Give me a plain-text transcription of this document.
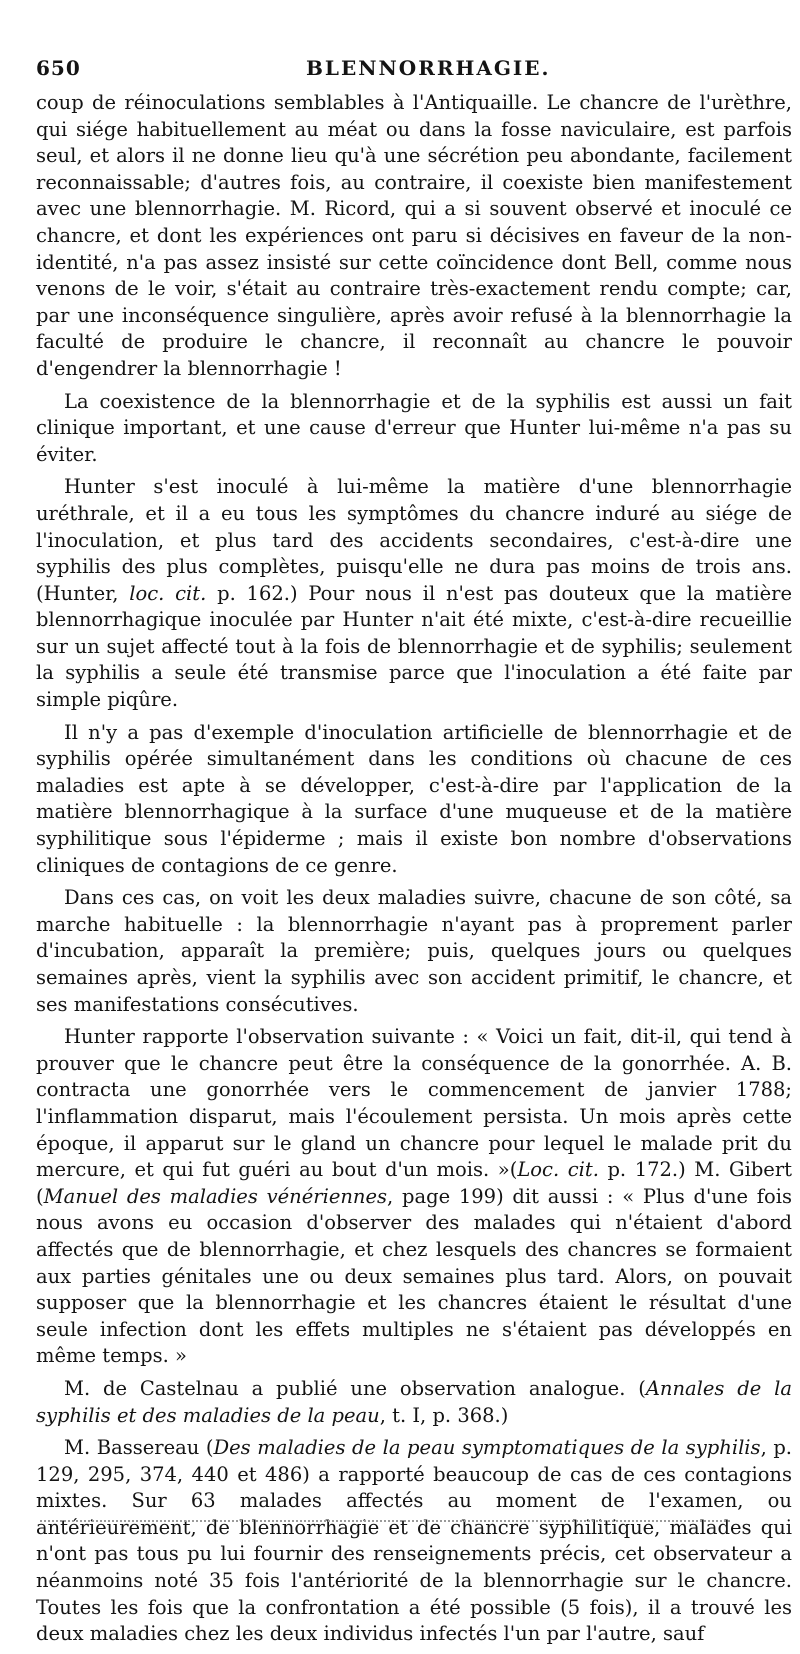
650	BLENNORRHAGIE.

coup de réinoculations semblables à l'Antiquaille. Le chancre de l'urèthre, qui siége habituellement au méat ou dans la fosse naviculaire, est parfois seul, et alors il ne donne lieu qu'à une sécrétion peu abondante, facilement reconnaissable; d'autres fois, au contraire, il coexiste bien manifestement avec une blennorrhagie. M. Ricord, qui a si souvent observé et inoculé ce chancre, et dont les expériences ont paru si décisives en faveur de la non-identité, n'a pas assez insisté sur cette coïncidence dont Bell, comme nous venons de le voir, s'était au contraire très-exactement rendu compte; car, par une inconséquence singulière, après avoir refusé à la blennorrhagie la faculté de produire le chancre, il reconnaît au chancre le pouvoir d'engendrer la blennorrhagie !

La coexistence de la blennorrhagie et de la syphilis est aussi un fait clinique important, et une cause d'erreur que Hunter lui-même n'a pas su éviter.

Hunter s'est inoculé à lui-même la matière d'une blennorrhagie uréthrale, et il a eu tous les symptômes du chancre induré au siége de l'inoculation, et plus tard des accidents secondaires, c'est-à-dire une syphilis des plus complètes, puisqu'elle ne dura pas moins de trois ans. (Hunter, loc. cit. p. 162.) Pour nous il n'est pas douteux que la matière blennorrhagique inoculée par Hunter n'ait été mixte, c'est-à-dire recueillie sur un sujet affecté tout à la fois de blennorrhagie et de syphilis; seulement la syphilis a seule été transmise parce que l'inoculation a été faite par simple piqûre.

Il n'y a pas d'exemple d'inoculation artificielle de blennorrhagie et de syphilis opérée simultanément dans les conditions où chacune de ces maladies est apte à se développer, c'est-à-dire par l'application de la matière blennorrhagique à la surface d'une muqueuse et de la matière syphilitique sous l'épiderme ; mais il existe bon nombre d'observations cliniques de contagions de ce genre.

Dans ces cas, on voit les deux maladies suivre, chacune de son côté, sa marche habituelle : la blennorrhagie n'ayant pas à proprement parler d'incubation, apparaît la première; puis, quelques jours ou quelques semaines après, vient la syphilis avec son accident primitif, le chancre, et ses manifestations consécutives.

Hunter rapporte l'observation suivante : « Voici un fait, dit-il, qui tend à prouver que le chancre peut être la conséquence de la gonorrhée. A. B. contracta une gonorrhée vers le commencement de janvier 1788; l'inflammation disparut, mais l'écoulement persista. Un mois après cette époque, il apparut sur le gland un chancre pour lequel le malade prit du mercure, et qui fut guéri au bout d'un mois. »(Loc. cit. p. 172.) M. Gibert (Manuel des maladies vénériennes, page 199) dit aussi : « Plus d'une fois nous avons eu occasion d'observer des malades qui n'étaient d'abord affectés que de blennorrhagie, et chez lesquels des chancres se formaient aux parties génitales une ou deux semaines plus tard. Alors, on pouvait supposer que la blennorrhagie et les chancres étaient le résultat d'une seule infection dont les effets multiples ne s'étaient pas développés en même temps. »

M. de Castelnau a publié une observation analogue. (Annales de la syphilis et des maladies de la peau, t. I, p. 368.)

M. Bassereau (Des maladies de la peau symptomatiques de la syphilis, p. 129, 295, 374, 440 et 486) a rapporté beaucoup de cas de ces contagions mixtes. Sur 63 malades affectés au moment de l'examen, ou antérieurement, de blennorrhagie et de chancre syphilitique, malades qui n'ont pas tous pu lui fournir des renseignements précis, cet observateur a néanmoins noté 35 fois l'antériorité de la blennorrhagie sur le chancre. Toutes les fois que la confrontation a été possible (5 fois), il a trouvé les deux maladies chez les deux individus infectés l'un par l'autre, sauf
